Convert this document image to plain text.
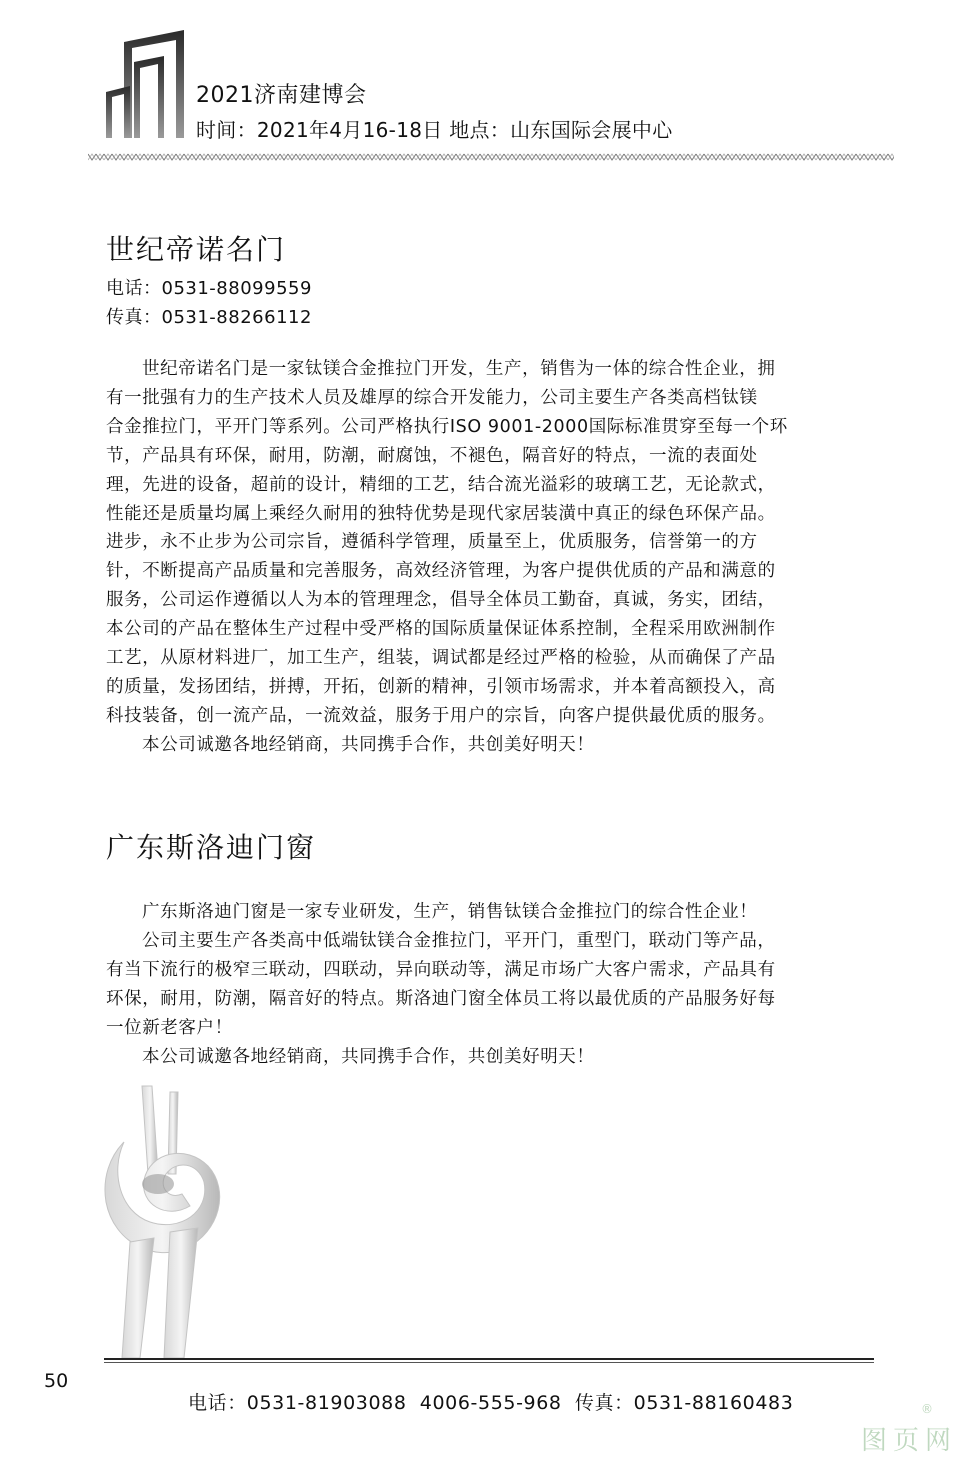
2021济南建博会
时间：2021年4月16-18日 地点：山东国际会展中心
世纪帝诺名门
电话：0531-88099559
传真：0531-88266112

世纪帝诺名门是一家钛镁合金推拉门开发，生产，销售为一体的综合性企业，拥

有一批强有力的生产技术人员及雄厚的综合开发能力，公司主要生产各类高档钛镁

合金推拉门，平开门等系列。公司严格执行ISO 9001-2000国际标准贯穿至每一个环

节，产品具有环保，耐用，防潮，耐腐蚀，不褪色，隔音好的特点，一流的表面处

理，先进的设备，超前的设计，精细的工艺，结合流光溢彩的玻璃工艺，无论款式，

性能还是质量均属上乘经久耐用的独特优势是现代家居装潢中真正的绿色环保产品。

进步，永不止步为公司宗旨，遵循科学管理，质量至上，优质服务，信誉第一的方

针，不断提高产品质量和完善服务，高效经济管理，为客户提供优质的产品和满意的

服务，公司运作遵循以人为本的管理理念，倡导全体员工勤奋，真诚，务实，团结，

本公司的产品在整体生产过程中受严格的国际质量保证体系控制，全程采用欧洲制作

工艺，从原材料进厂，加工生产，组装，调试都是经过严格的检验，从而确保了产品

的质量，发扬团结，拼搏，开拓，创新的精神，引领市场需求，并本着高额投入，高

科技装备，创一流产品，一流效益，服务于用户的宗旨，向客户提供最优质的服务。

本公司诚邀各地经销商，共同携手合作，共创美好明天！

广东斯洛迪门窗

广东斯洛迪门窗是一家专业研发，生产，销售钛镁合金推拉门的综合性企业！

公司主要生产各类高中低端钛镁合金推拉门，平开门，重型门，联动门等产品，

有当下流行的极窄三联动，四联动，异向联动等，满足市场广大客户需求，产品具有

环保，耐用，防潮，隔音好的特点。斯洛迪门窗全体员工将以最优质的产品服务好每

一位新老客户！

本公司诚邀各地经销商，共同携手合作，共创美好明天！

50
电话：0531-81903088  4006-555-968  传真：0531-88160483
图页网
®
